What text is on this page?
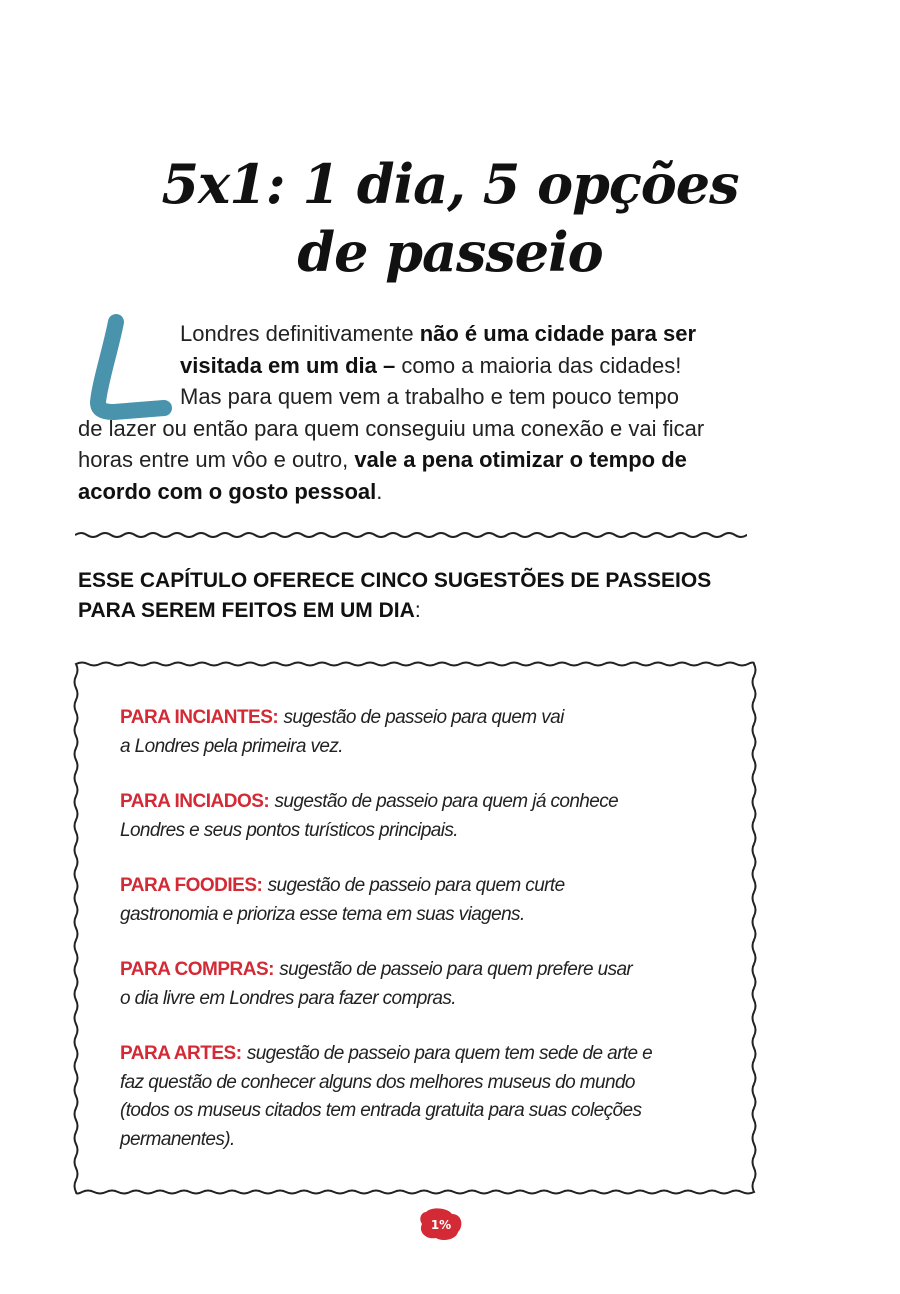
5x1: 1 dia, 5 opções
de passeio
Londres definitivamente não é uma cidade para ser
visitada em um dia – como a maioria das cidades!
Mas para quem vem a trabalho e tem pouco tempo
de lazer ou então para quem conseguiu uma conexão e vai ficar
horas entre um vôo e outro, vale a pena otimizar o tempo de
acordo com o gosto pessoal.
ESSE CAPÍTULO OFERECE CINCO SUGESTÕES DE PASSEIOS
PARA SEREM FEITOS EM UM DIA:
PARA INCIANTES: sugestão de passeio para quem vai
a Londres pela primeira vez.
PARA INCIADOS: sugestão de passeio para quem já conhece
Londres e seus pontos turísticos principais.
PARA FOODIES: sugestão de passeio para quem curte
gastronomia e prioriza esse tema em suas viagens.
PARA COMPRAS: sugestão de passeio para quem prefere usar
o dia livre em Londres para fazer compras.
PARA ARTES: sugestão de passeio para quem tem sede de arte e
faz questão de conhecer alguns dos melhores museus do mundo
(todos os museus citados tem entrada gratuita para suas coleções
permanentes).
1%
